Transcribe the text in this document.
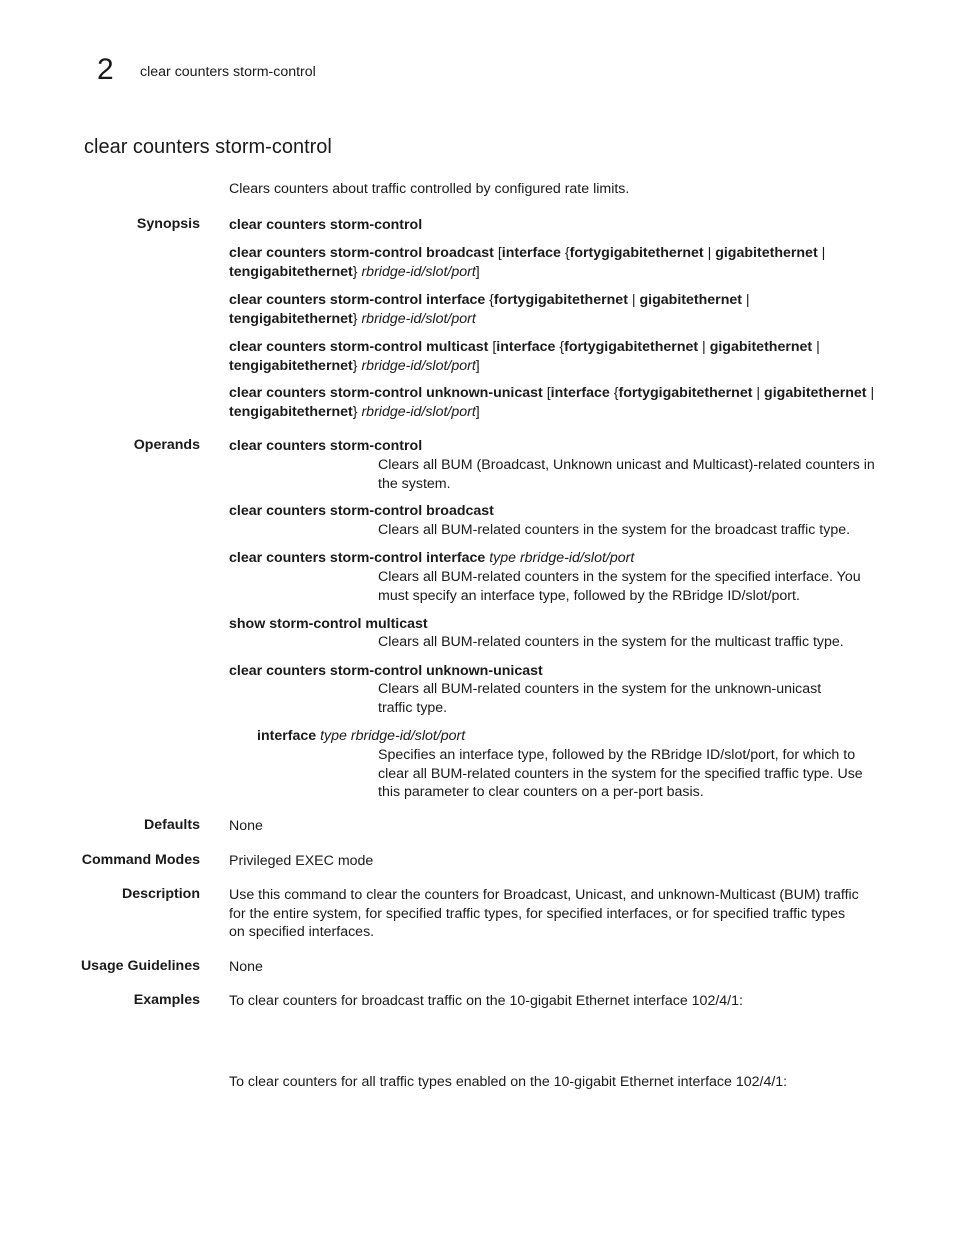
2 clear counters storm-control
clear counters storm-control
Clears counters about traffic controlled by configured rate limits.
Synopsis clear counters storm-control
clear counters storm-control broadcast [interface {fortygigabitethernet | gigabitethernet |
tengigabitethernet} rbridge-id/slot/port]
clear counters storm-control interface {fortygigabitethernet | gigabitethernet |
tengigabitethernet} rbridge-id/slot/port
clear counters storm-control multicast [interface {fortygigabitethernet | gigabitethernet |
tengigabitethernet} rbridge-id/slot/port]
clear counters storm-control unknown-unicast [interface {fortygigabitethernet | gigabitethernet |
tengigabitethernet} rbridge-id/slot/port]
Operands clear counters storm-control
Clears all BUM (Broadcast, Unknown unicast and Multicast)-related counters in the system.
clear counters storm-control broadcast
Clears all BUM-related counters in the system for the broadcast traffic type.
clear counters storm-control interface type rbridge-id/slot/port
Clears all BUM-related counters in the system for the specified interface. You must specify an interface type, followed by the RBridge ID/slot/port.
show storm-control multicast
Clears all BUM-related counters in the system for the multicast traffic type.
clear counters storm-control unknown-unicast
Clears all BUM-related counters in the system for the unknown-unicast traffic type.
interface type rbridge-id/slot/port
Specifies an interface type, followed by the RBridge ID/slot/port, for which to clear all BUM-related counters in the system for the specified traffic type. Use this parameter to clear counters on a per-port basis.
Defaults None
Command Modes Privileged EXEC mode
Description Use this command to clear the counters for Broadcast, Unicast, and unknown-Multicast (BUM) traffic for the entire system, for specified traffic types, for specified interfaces, or for specified traffic types on specified interfaces.
Usage Guidelines None
Examples To clear counters for broadcast traffic on the 10-gigabit Ethernet interface 102/4/1:
To clear counters for all traffic types enabled on the 10-gigabit Ethernet interface 102/4/1:
